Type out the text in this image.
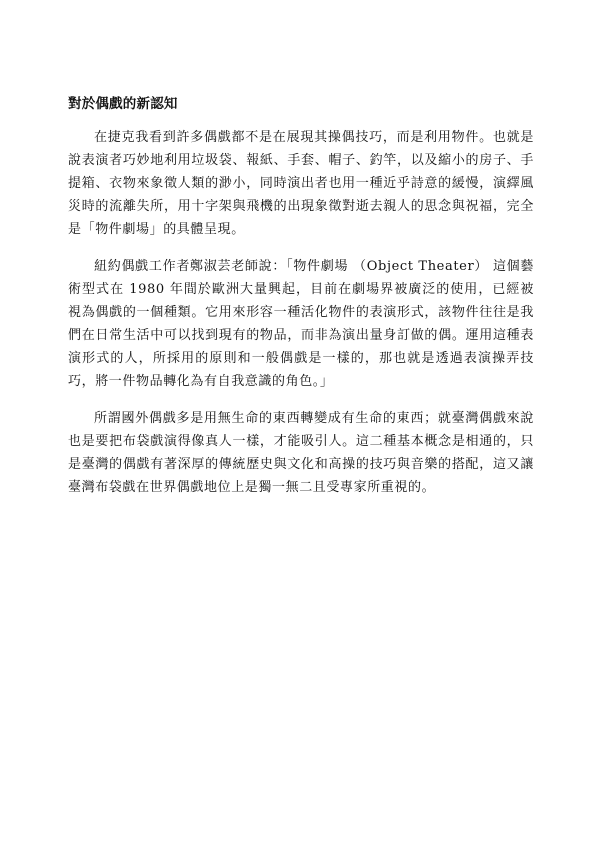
對於偶戲的新認知

在捷克我看到許多偶戲都不是在展現其操偶技巧，而是利用物件。也就是說表演者巧妙地利用垃圾袋、報紙、手套、帽子、釣竿，以及縮小的房子、手提箱、衣物來象徵人類的渺小，同時演出者也用一種近乎詩意的緩慢，演繹風災時的流離失所，用十字架與飛機的出現象徵對逝去親人的思念與祝福，完全是「物件劇場」的具體呈現。

紐約偶戲工作者鄭淑芸老師說：「物件劇場 （Object Theater） 這個藝術型式在 1980 年間於歐洲大量興起，目前在劇場界被廣泛的使用，已經被視為偶戲的一個種類。它用來形容一種活化物件的表演形式，該物件往往是我們在日常生活中可以找到現有的物品，而非為演出量身訂做的偶。運用這種表演形式的人，所採用的原則和一般偶戲是一樣的，那也就是透過表演操弄技巧，將一件物品轉化為有自我意識的角色。」

所謂國外偶戲多是用無生命的東西轉變成有生命的東西；就臺灣偶戲來說也是要把布袋戲演得像真人一樣，才能吸引人。這二種基本概念是相通的，只是臺灣的偶戲有著深厚的傳統歷史與文化和高操的技巧與音樂的搭配，這又讓臺灣布袋戲在世界偶戲地位上是獨一無二且受專家所重視的。
